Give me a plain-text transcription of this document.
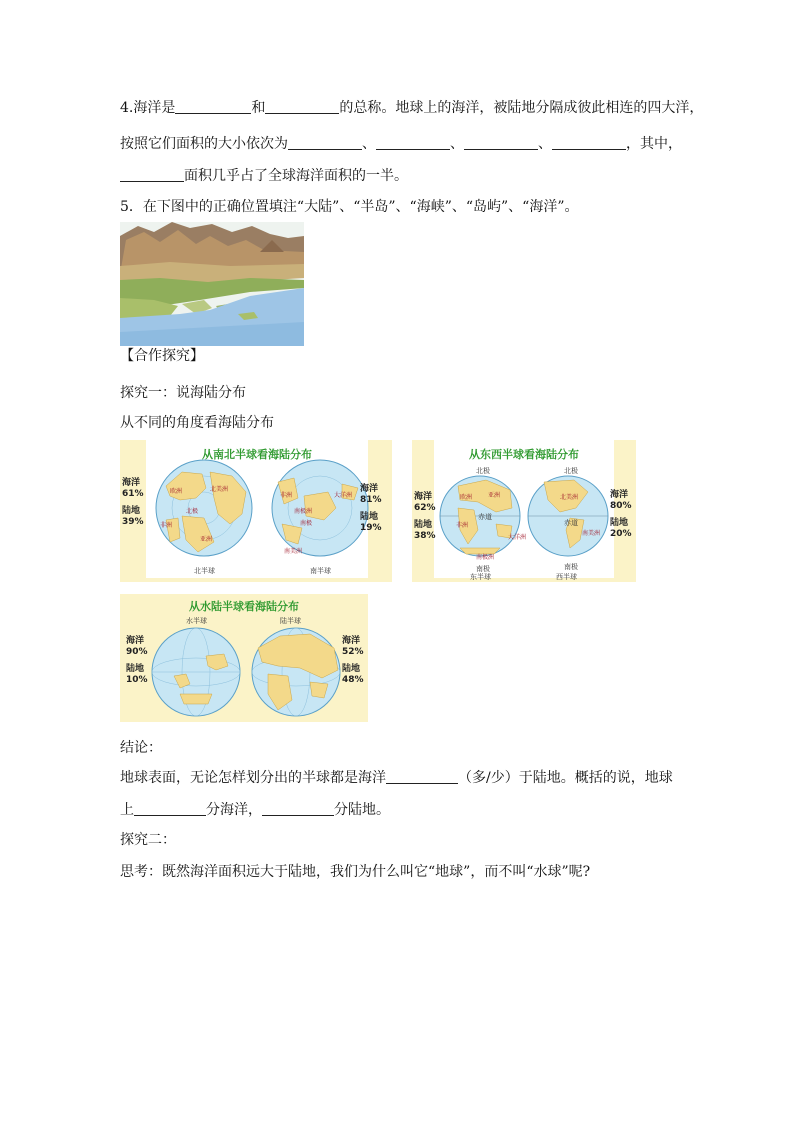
4.海洋是	和	的总称。地球上的海洋，被陆地分隔成彼此相连的四大洋，
按照它们面积的大小依次为	、	、	、	，其中，
面积几乎占了全球海洋面积的一半。
5．在下图中的正确位置填注“大陆”、“半岛”、“海峡”、“岛屿”、“海洋”。
【合作探究】
探究一：说海陆分布
从不同的角度看海陆分布
从南北半球看海陆分布
北美洲
欧洲
亚洲
非洲
北极	南极洲
非洲	大洋洲
南美洲
南极
海洋
61%
陆地
39%
海洋
81%
陆地
19%
北半球	南半球
从东西半球看海陆分布
北极	北极
赤道
赤道
南极	南极
亚洲
欧洲
非洲
大洋洲
南极洲
北美洲
南美洲
海洋
62%
陆地
38%
海洋
80%
陆地
20%
东半球	西半球
从水陆半球看海陆分布
水半球	陆半球
海洋
90%
陆地
10%
海洋
52%
陆地
48%
结论：
地球表面，无论怎样划分出的半球都是海洋	（多/少）于陆地。概括的说，地球
上	分海洋，	分陆地。
探究二：
思考：既然海洋面积远大于陆地，我们为什么叫它“地球”，而不叫“水球”呢?
